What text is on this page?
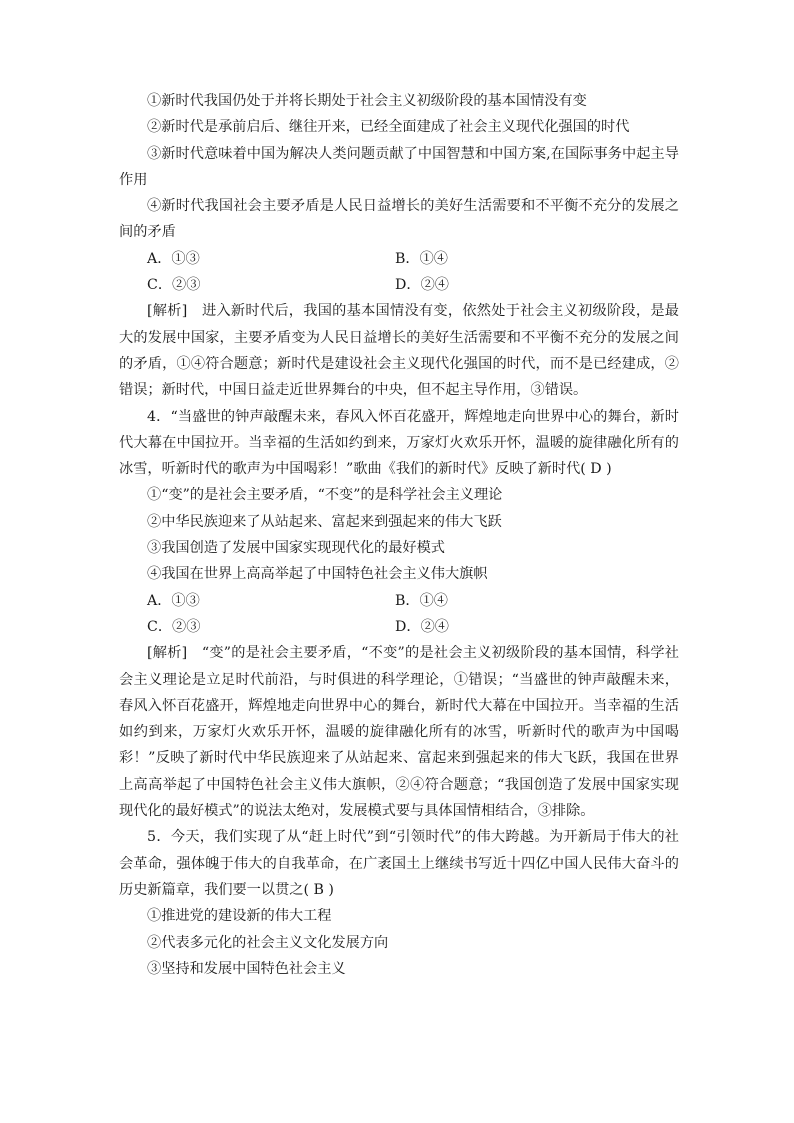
①新时代我国仍处于并将长期处于社会主义初级阶段的基本国情没有变

②新时代是承前启后、继往开来，已经全面建成了社会主义现代化强国的时代

③新时代意味着中国为解决人类问题贡献了中国智慧和中国方案,在国际事务中起主导作用

④新时代我国社会主要矛盾是人民日益增长的美好生活需要和不平衡不充分的发展之间的矛盾

A．①③	B．①④
C．②③	D．②④

[解析]　进入新时代后，我国的基本国情没有变，依然处于社会主义初级阶段，是最大的发展中国家，主要矛盾变为人民日益增长的美好生活需要和不平衡不充分的发展之间的矛盾，①④符合题意；新时代是建设社会主义现代化强国的时代，而不是已经建成，②错误；新时代，中国日益走近世界舞台的中央，但不起主导作用，③错误。

4．“当盛世的钟声敲醒未来，春风入怀百花盛开，辉煌地走向世界中心的舞台，新时代大幕在中国拉开。当幸福的生活如约到来，万家灯火欢乐开怀，温暖的旋律融化所有的冰雪，听新时代的歌声为中国喝彩！”歌曲《我们的新时代》反映了新时代( D )

①“变”的是社会主要矛盾，“不变”的是科学社会主义理论

②中华民族迎来了从站起来、富起来到强起来的伟大飞跃

③我国创造了发展中国家实现现代化的最好模式

④我国在世界上高高举起了中国特色社会主义伟大旗帜

A．①③	B．①④
C．②③	D．②④

[解析]　“变”的是社会主要矛盾，“不变”的是社会主义初级阶段的基本国情，科学社会主义理论是立足时代前沿，与时俱进的科学理论，①错误；“当盛世的钟声敲醒未来，春风入怀百花盛开，辉煌地走向世界中心的舞台，新时代大幕在中国拉开。当幸福的生活如约到来，万家灯火欢乐开怀，温暖的旋律融化所有的冰雪，听新时代的歌声为中国喝彩！”反映了新时代中华民族迎来了从站起来、富起来到强起来的伟大飞跃，我国在世界上高高举起了中国特色社会主义伟大旗帜，②④符合题意；“我国创造了发展中国家实现现代化的最好模式”的说法太绝对，发展模式要与具体国情相结合，③排除。

5．今天，我们实现了从“赶上时代”到“引领时代”的伟大跨越。为开新局于伟大的社会革命，强体魄于伟大的自我革命，在广袤国土上继续书写近十四亿中国人民伟大奋斗的历史新篇章，我们要一以贯之( B )

①推进党的建设新的伟大工程

②代表多元化的社会主义文化发展方向

③坚持和发展中国特色社会主义
